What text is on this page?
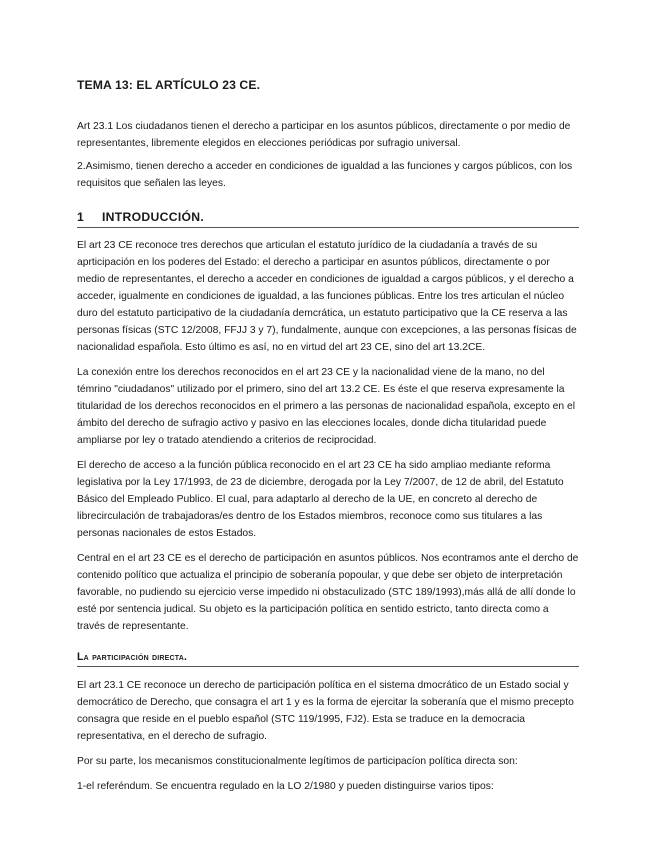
TEMA 13: EL ARTÍCULO 23 CE.

Art 23.1 Los ciudadanos tienen el derecho a participar en los asuntos públicos, directamente o por medio de representantes, libremente elegidos en elecciones periódicas por sufragio universal.

2.Asimismo, tienen derecho a acceder en condiciones de igualdad a las funciones y cargos públicos, con los requisitos que señalen las leyes.

1 INTRODUCCIÓN.

El art 23 CE reconoce tres derechos que articulan el estatuto jurídico de la ciudadanía a través de su aprticipación en los poderes del Estado: el derecho a participar en asuntos públicos, directamente o por medio de representantes, el derecho a acceder en condiciones de igualdad a cargos públicos, y el derecho a acceder, igualmente en condiciones de igualdad, a las funciones públicas. Entre los tres articulan el núcleo duro del estatuto participativo de la ciudadanía demcrática, un estatuto participativo que la CE reserva a las personas físicas (STC 12/2008, FFJJ 3 y 7), fundalmente, aunque con excepciones, a las personas físicas de nacionalidad española. Esto último es así, no en virtud del art 23 CE, sino del art 13.2CE.

La conexión entre los derechos reconocidos en el art 23 CE y la nacionalidad viene de la mano, no del témrino "ciudadanos" utilizado por el primero, sino del art 13.2 CE. Es éste el que reserva expresamente la titularidad de los derechos reconocidos en el primero a las personas de nacionalidad española, excepto en el ámbito del derecho de sufragio activo y pasivo en las elecciones locales, donde dicha titularidad puede ampliarse por ley o tratado atendiendo a criterios de reciprocidad.

El derecho de acceso a la función pública reconocido en el art 23 CE ha sido ampliao mediante reforma legislativa por la Ley 17/1993, de 23 de diciembre, derogada por la Ley 7/2007, de 12 de abril, del Estatuto Básico del Empleado Publico. El cual, para adaptarlo al derecho de la UE, en concreto al derecho de librecirculación de trabajadoras/es dentro de los Estados miembros, reconoce como sus titulares a las personas nacionales de estos Estados.

Central en el art 23 CE es el derecho de participación en asuntos públicos. Nos econtramos ante el dercho de contenido político que actualiza el principio de soberanía popoular, y que debe ser objeto de interpretación favorable, no pudiendo su ejercicio verse impedido ni obstaculizado (STC 189/1993),más allá de allí donde lo esté por sentencia judical. Su objeto es la participación política en sentido estricto, tanto directa como a través de representante.

La participación directa.

El art 23.1 CE reconoce un derecho de participación política en el sistema dmocrático de un Estado social y democrático de Derecho, que consagra el art 1 y es la forma de ejercitar la soberanía que el mismo precepto consagra que reside en el pueblo español (STC 119/1995, FJ2). Esta se traduce en la democracia representativa, en el derecho de sufragio.

Por su parte, los mecanismos constitucionalmente legítimos de participacíon política directa son:

1-el referéndum. Se encuentra regulado en la LO 2/1980 y pueden distinguirse varios tipos:
